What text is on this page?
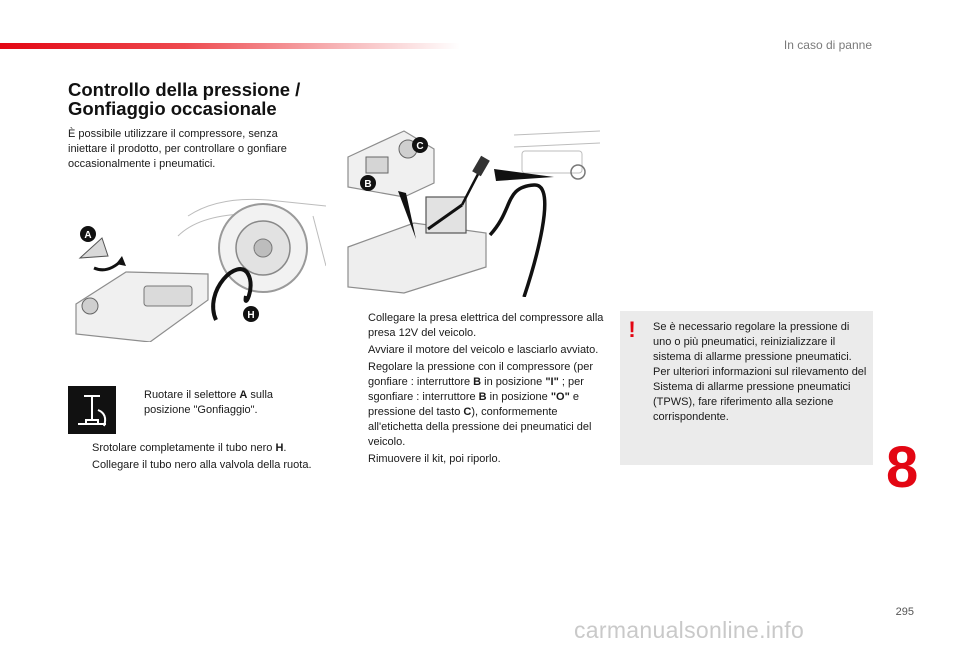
In caso di panne
Controllo della pressione /
Gonfiaggio occasionale
È possibile utilizzare il compressore, senza iniettare il prodotto, per controllare o gonfiare occasionalmente i pneumatici.
A
H
C
B
Ruotare il selettore A sulla posizione "Gonfiaggio".
Srotolare completamente il tubo nero H.
Collegare il tubo nero alla valvola della ruota.
Collegare la presa elettrica del compressore alla presa 12V del veicolo.
Avviare il motore del veicolo e lasciarlo avviato.
Regolare la pressione con il compressore (per gonfiare : interruttore B in posizione "I" ; per sgonfiare : interruttore B in posizione "O" e pressione del tasto C), conformemente all'etichetta della pressione dei pneumatici del veicolo.
Rimuovere il kit, poi riporlo.
!	Se è necessario regolare la pressione di uno o più pneumatici, reinizializzare il sistema di allarme pressione pneumatici.
Per ulteriori informazioni sul rilevamento del Sistema di allarme pressione pneumatici (TPWS), fare riferimento alla sezione corrispondente.
8
295
carmanualsonline.info
